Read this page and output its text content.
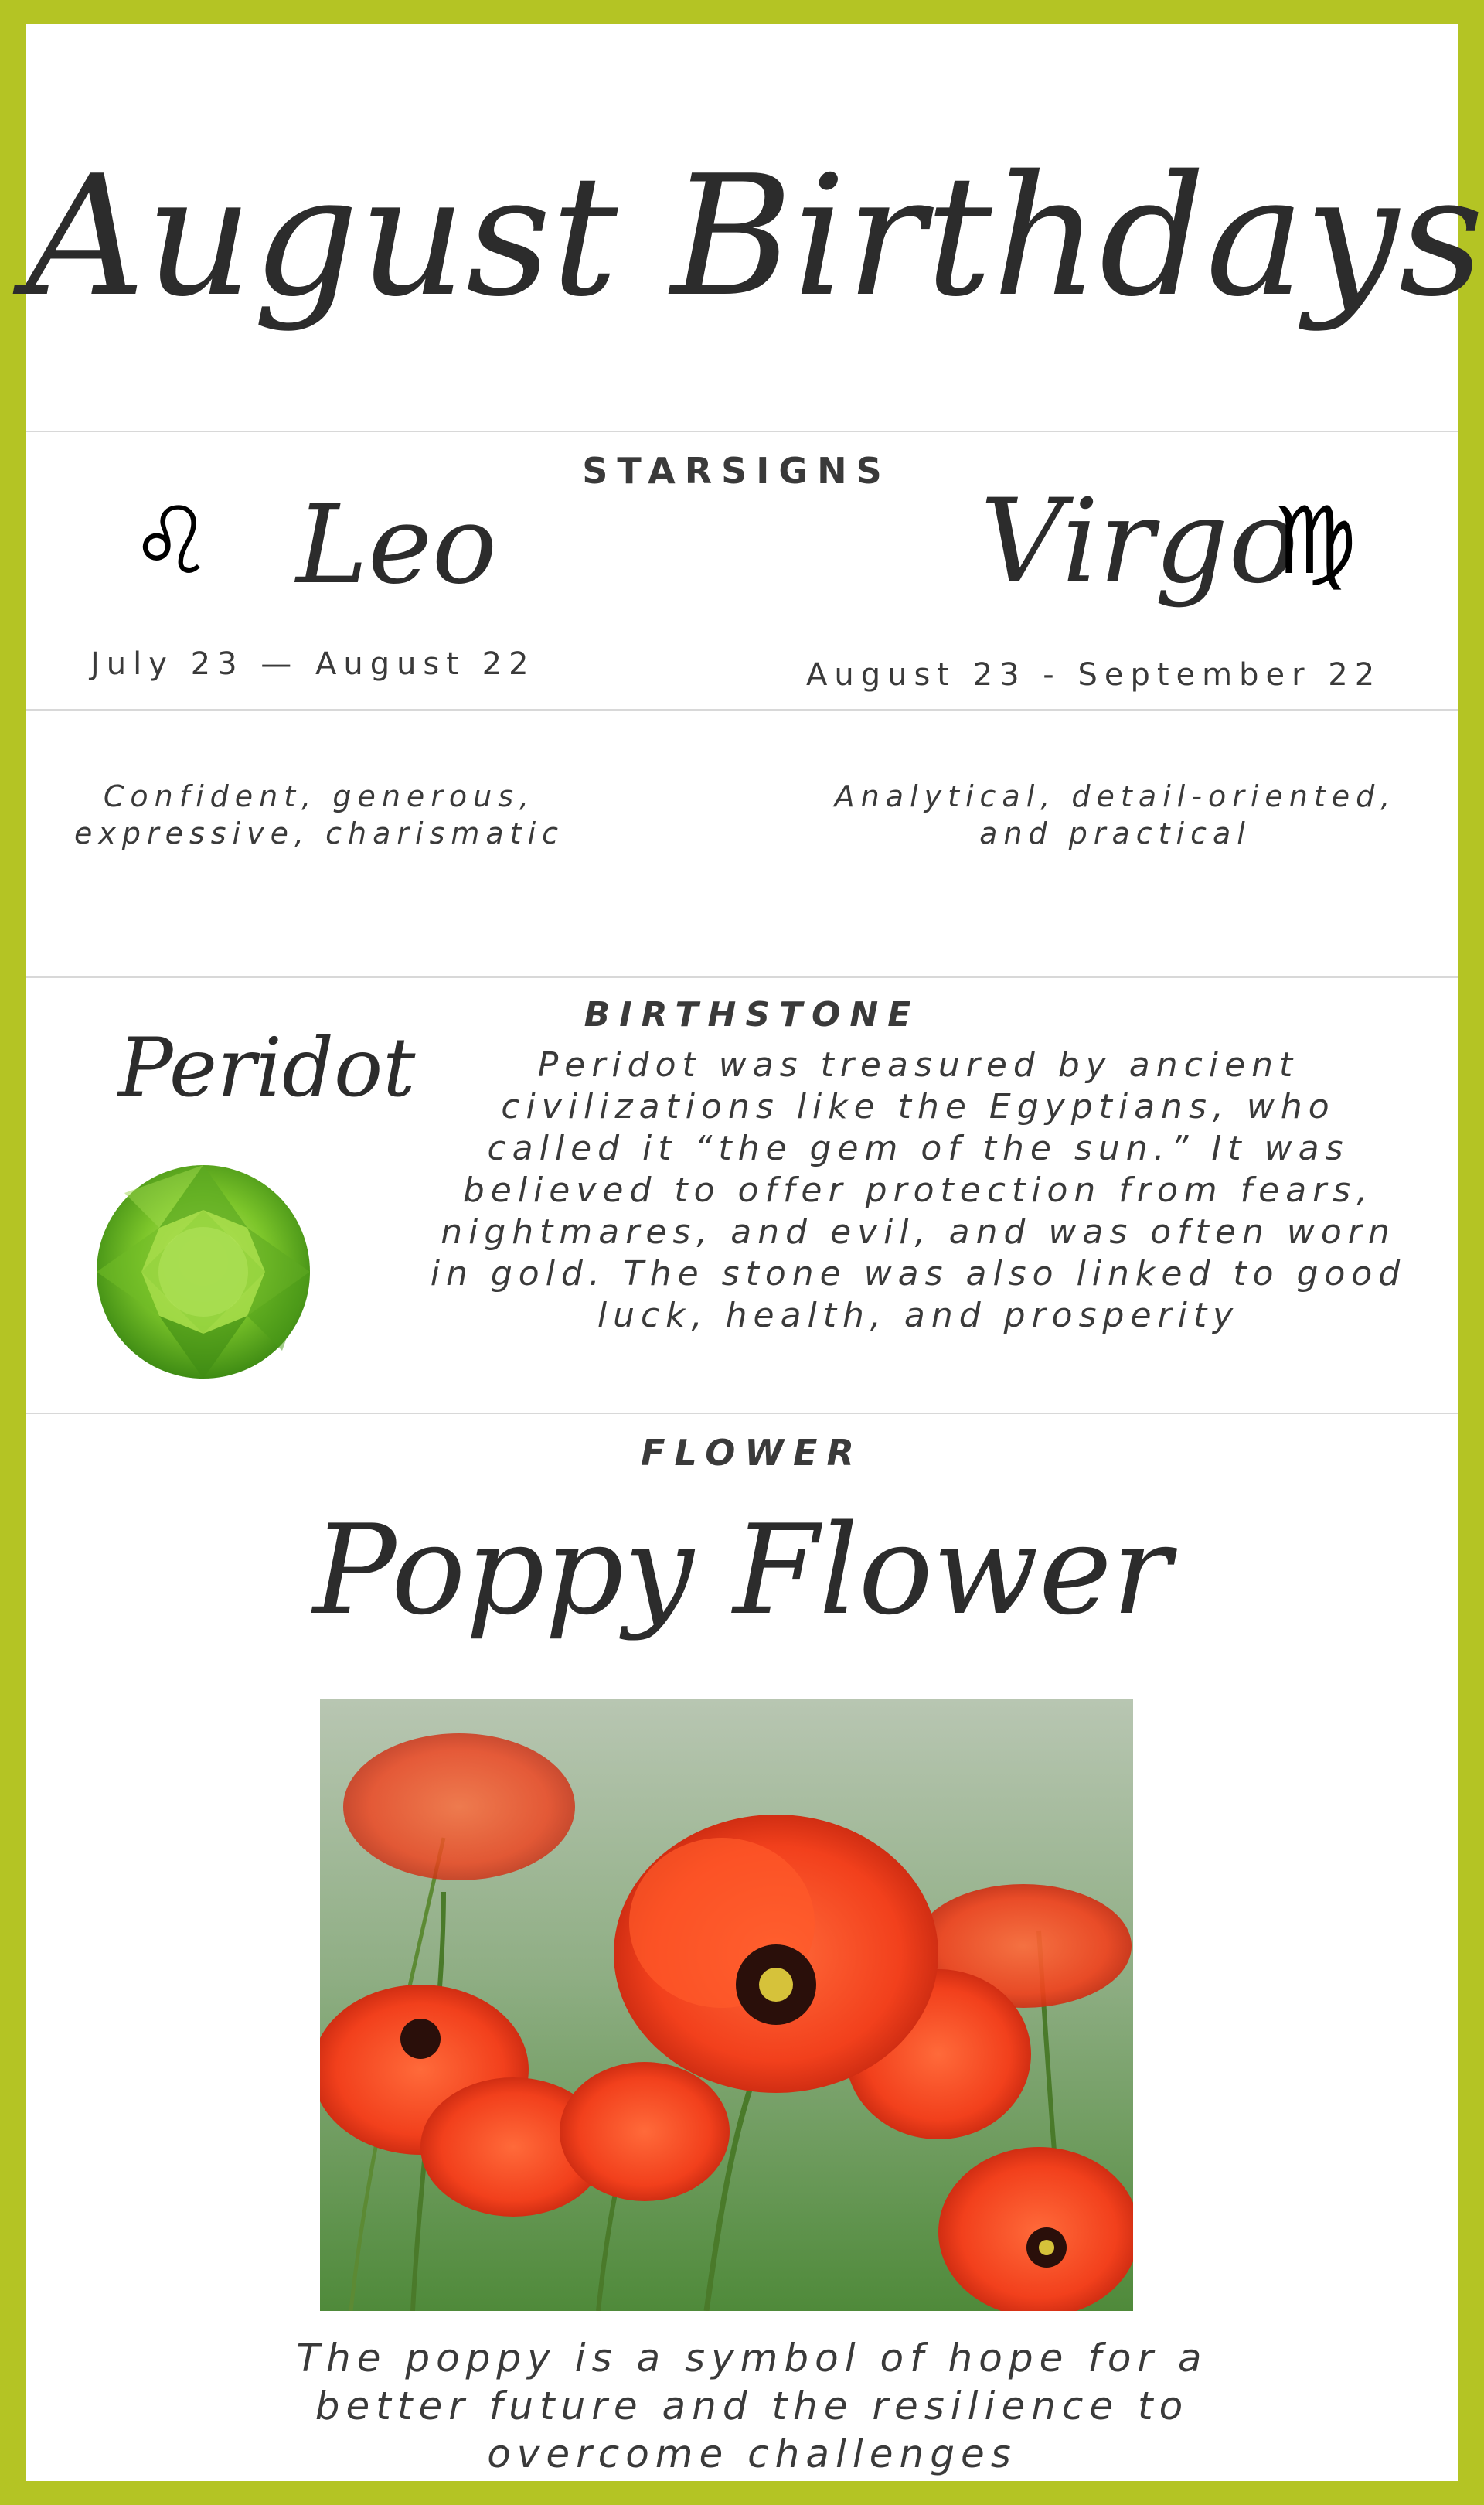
August Birthdays
STARSIGNS
♌ Leo
July 23 — August 22
Virgo
♍
August 23 - September 22
Confident, generous, expressive, charismatic
Analytical, detail-oriented, and practical
BIRTHSTONE
Peridot	Peridot was treasured by ancient civilizations like the Egyptians, who called it “the gem of the sun.” It was believed to offer protection from fears, nightmares, and evil, and was often worn in gold. The stone was also linked to good luck, health, and prosperity
FLOWER
Poppy Flower
The poppy is a symbol of hope for a better future and the resilience to overcome challenges
